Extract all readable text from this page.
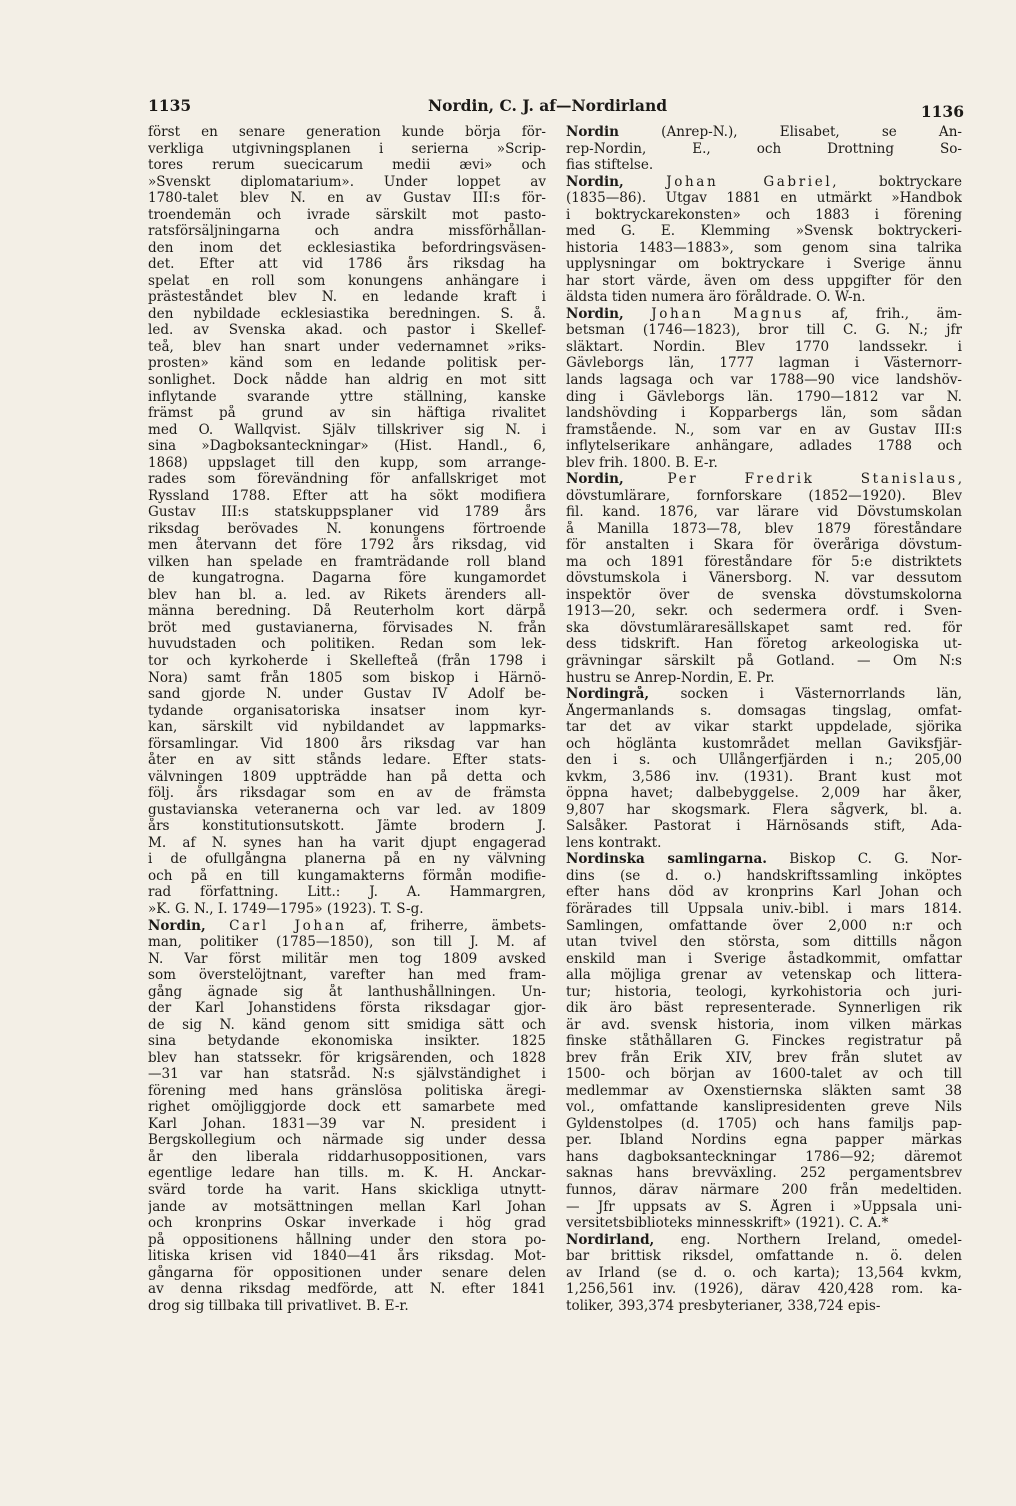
1135	Nordin, C. J. af—Nordirland	1136
först en senare generation kunde börja för-
verkliga utgivningsplanen i serierna »Scrip-
tores rerum suecicarum medii ævi» och
»Svenskt diplomatarium». Under loppet av
1780-talet blev N. en av Gustav III:s för-
troendemän och ivrade särskilt mot pasto-
ratsförsäljningarna och andra missförhållan-
den inom det ecklesiastika befordringsväsen-
det. Efter att vid 1786 års riksdag ha
spelat en roll som konungens anhängare i
prästeståndet blev N. en ledande kraft i
den nybildade ecklesiastika beredningen. S. å.
led. av Svenska akad. och pastor i Skellef-
teå, blev han snart under vedernamnet »riks-
prosten» känd som en ledande politisk per-
sonlighet. Dock nådde han aldrig en mot sitt
inflytande svarande yttre ställning, kanske
främst på grund av sin häftiga rivalitet
med O. Wallqvist. Själv tillskriver sig N. i
sina »Dagboksanteckningar» (Hist. Handl., 6,
1868) uppslaget till den kupp, som arrange-
rades som förevändning för anfallskriget mot
Ryssland 1788. Efter att ha sökt modifiera
Gustav III:s statskuppsplaner vid 1789 års
riksdag berövades N. konungens förtroende
men återvann det före 1792 års riksdag, vid
vilken han spelade en framträdande roll bland
de kungatrogna. Dagarna före kungamordet
blev han bl. a. led. av Rikets ärenders all-
männa beredning. Då Reuterholm kort därpå
bröt med gustavianerna, förvisades N. från
huvudstaden och politiken. Redan som lek-
tor och kyrkoherde i Skellefteå (från 1798 i
Nora) samt från 1805 som biskop i Härnö-
sand gjorde N. under Gustav IV Adolf be-
tydande organisatoriska insatser inom kyr-
kan, särskilt vid nybildandet av lappmarks-
församlingar. Vid 1800 års riksdag var han
åter en av sitt stånds ledare. Efter stats-
välvningen 1809 uppträdde han på detta och
följ. års riksdagar som en av de främsta
gustavianska veteranerna och var led. av 1809
års konstitutionsutskott. Jämte brodern J.
M. af N. synes han ha varit djupt engagerad
i de ofullgångna planerna på en ny välvning
och på en till kungamakterns förmån modifie-
rad författning. Litt.: J. A. Hammargren,
»K. G. N., I. 1749—1795» (1923). T. S-g.
Nordin, Carl Johan af, friherre, ämbets-
man, politiker (1785—1850), son till J. M. af
N. Var först militär men tog 1809 avsked
som överstelöjtnant, varefter han med fram-
gång ägnade sig åt lanthushållningen. Un-
der Karl Johanstidens första riksdagar gjor-
de sig N. känd genom sitt smidiga sätt och
sina betydande ekonomiska insikter. 1825
blev han statssekr. för krigsärenden, och 1828
—31 var han statsråd. N:s självständighet i
förening med hans gränslösa politiska äregi-
righet omöjliggjorde dock ett samarbete med
Karl Johan. 1831—39 var N. president i
Bergskollegium och närmade sig under dessa
år den liberala riddarhusoppositionen, vars
egentlige ledare han tills. m. K. H. Anckar-
svärd torde ha varit. Hans skickliga utnytt-
jande av motsättningen mellan Karl Johan
och kronprins Oskar inverkade i hög grad
på oppositionens hållning under den stora po-
litiska krisen vid 1840—41 års riksdag. Mot-
gångarna för oppositionen under senare delen
av denna riksdag medförde, att N. efter 1841
drog sig tillbaka till privatlivet. B. E-r.
Nordin	(Anrep-N.), Elisabet, se An-
rep-Nordin, E., och Drottning So-
fias stiftelse.
Nordin,	Johan Gabriel, boktryckare
(1835—86). Utgav 1881 en utmärkt »Handbok
i boktryckarekonsten» och 1883 i förening
med G. E. Klemming »Svensk boktryckeri-
historia 1483—1883», som genom sina talrika
upplysningar om boktryckare i Sverige ännu
har stort värde, även om dess uppgifter för den
äldsta tiden numera äro föråldrade. O. W-n.
Nordin, Johan Magnus af, frih., äm-
betsman (1746—1823), bror till C. G. N.; jfr
släktart. Nordin. Blev 1770 landssekr. i
Gävleborgs län, 1777 lagman i Västernorr-
lands lagsaga och var 1788—90 vice landshöv-
ding i Gävleborgs län. 1790—1812 var N.
landshövding i Kopparbergs län, som sådan
framstående. N., som var en av Gustav III:s
inflytelserikare anhängare, adlades 1788 och
blev frih. 1800. B. E-r.
Nordin,	Per Fredrik Stanislaus,
dövstumlärare, fornforskare (1852—1920). Blev
fil. kand. 1876, var lärare vid Dövstumskolan
å Manilla 1873—78, blev 1879 föreståndare
för anstalten i Skara för överåriga dövstum-
ma och 1891 föreståndare för 5:e distriktets
dövstumskola i Vänersborg. N. var dessutom
inspektör över de svenska dövstumskolorna
1913—20, sekr. och sedermera ordf. i Sven-
ska dövstumläraresällskapet samt red. för
dess tidskrift. Han företog arkeologiska ut-
grävningar särskilt på Gotland. — Om N:s
hustru se Anrep-Nordin, E. Pr.
Nordingrå, socken i Västernorrlands län,
Ångermanlands s. domsagas tingslag, omfat-
tar det av vikar starkt uppdelade, sjörika
och höglänta kustområdet mellan Gaviksfjär-
den i s. och Ullångerfjärden i n.; 205,00
kvkm, 3,586 inv. (1931). Brant kust mot
öppna havet; dalbebyggelse. 2,009 har åker,
9,807 har skogsmark. Flera sågverk, bl. a.
Salsåker. Pastorat i Härnösands stift, Ada-
lens kontrakt.
Nordinska samlingarna. Biskop C. G. Nor-
dins (se d. o.) handskriftssamling inköptes
efter hans död av kronprins Karl Johan och
förärades till Uppsala univ.-bibl. i mars 1814.
Samlingen, omfattande över 2,000 n:r och
utan tvivel den största, som dittills någon
enskild man i Sverige åstadkommit, omfattar
alla möjliga grenar av vetenskap och littera-
tur; historia, teologi, kyrkohistoria och juri-
dik äro bäst representerade. Synnerligen rik
är avd. svensk historia, inom vilken märkas
finske ståthållaren G. Finckes registratur på
brev från Erik XIV, brev från slutet av
1500- och början av 1600-talet av och till
medlemmar av Oxenstiernska släkten samt 38
vol., omfattande kanslipresidenten greve Nils
Gyldenstolpes (d. 1705) och hans familjs pap-
per. Ibland Nordins egna papper märkas
hans dagboksanteckningar 1786—92; däremot
saknas hans brevväxling. 252 pergamentsbrev
funnos, därav närmare 200 från medeltiden.
— Jfr uppsats av S. Ågren i »Uppsala uni-
versitetsbiblioteks minnesskrift» (1921). C. A.*
Nordirland, eng. Northern Ireland, omedel-
bar brittisk riksdel, omfattande n. ö. delen
av Irland (se d. o. och karta); 13,564 kvkm,
1,256,561 inv. (1926), därav 420,428 rom. ka-
toliker, 393,374 presbyterianer, 338,724 epis-
